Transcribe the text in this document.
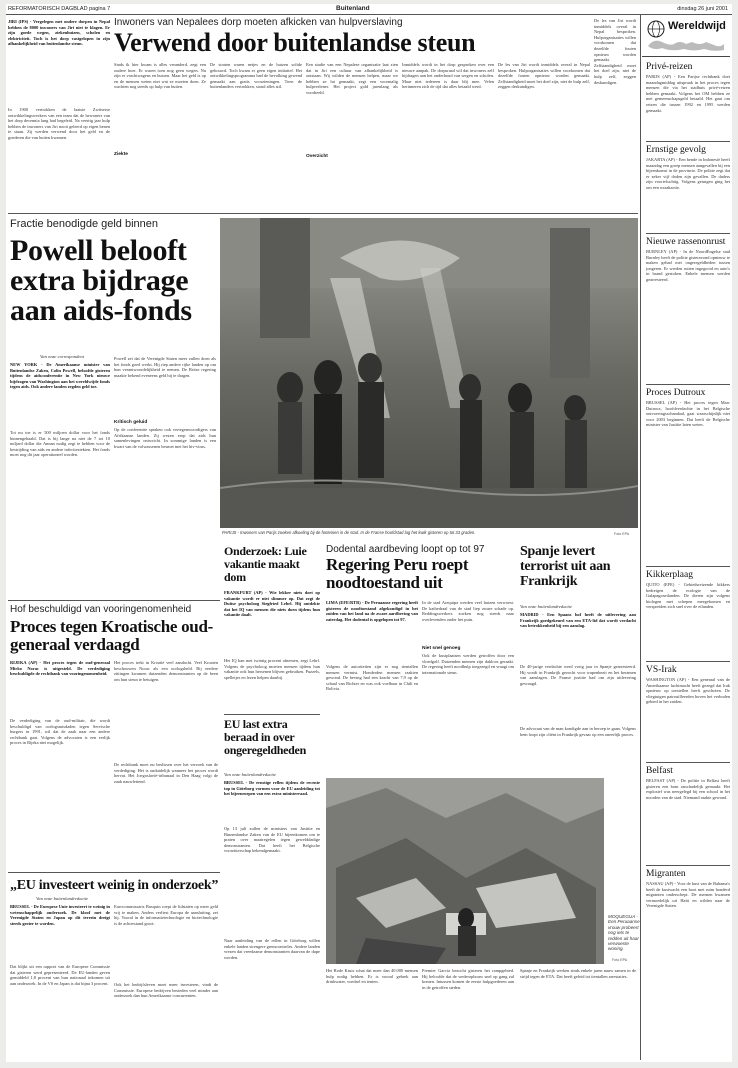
REFORMATORISCH DAGBLAD pagina 7	Buitenland	dinsdag 26 juni 2001
JIRI (IPS) - Vergelegen met ondere dorpen in Nepal hebben de 8000 inwoners van Jiri niet te klagen. Er zijn goede wegen, ziekenhuizen, scholen en elektriciteit. Toch is het dorp vastgelopen in zijn afhankelijkheid van buitenlandse steun.
In 1900 vertrokken de laatste Zwitserse ontwikkelingswerkers van een team dat de bewoners van het dorp decennia lang had begeleid. Na veertig jaar hulp hebben de inwoners van Jiri nooit geleerd op eigen benen te staan. Zij werden verwend door het geld en de goederen die van buiten kwamen.
Inwoners van Nepalees dorp moeten afkicken van hulpverslaving
Verwend door buitenlandse steun
Sinds ik hier kwam is alles veranderd, zegt een oudere boer. Er waren toen nog geen wegen. Nu zijn er vrachtwagens en bussen. Maar het geld is op en de mensen weten niet wat ze moeten doen. Ze wachten nog steeds op hulp van buiten.
De straten waren netjes en de huizen solide gebouwd. Toch kwam er geen eigen initiatief. Het ontwikkelingsprogramma had de bevolking gewend gemaakt aan gratis voorzieningen. Toen de buitenlanders vertrokken, stond alles stil.
Een studie van een Nepalese organisatie laat zien dat in Jiri een cultuur van afhankelijkheid is ontstaan. Wij wilden de mensen helpen, maar we hebben ze lui gemaakt, zegt een voormalig hulpverlener. Het project gold jarenlang als voorbeeld.
Inmiddels wordt in het dorp gesproken over een nieuwe aanpak. De dorpsraad wil dat inwoners zelf bijdragen aan het onderhoud van wegen en scholen. Maar niet iedereen is daar blij mee. Velen herinneren zich de tijd dat alles betaald werd.
De les van Jiri wordt inmiddels overal in Nepal besproken. Hulporganisaties willen voorkomen dat dezelfde fouten opnieuw worden gemaakt. Zelfstandigheid moet het doel zijn, niet de hulp zelf, zeggen deskundigen.
Ziekte	Overzicht
De les van Jiri wordt inmiddels overal in Nepal besproken. Hulporganisaties willen voorkomen dat dezelfde fouten opnieuw worden gemaakt. Zelfstandigheid moet het doel zijn, niet de hulp zelf, zeggen deskundigen.
Wereldwijd
Privé-reizen
PARIJS (AP) - Een Parijse rechtbank doet maandagmiddag uitspraak in het proces tegen mensen die via het stadhuis privé-reizen hebben gemaakt. Volgens het OM hebben ze met gemeenschapsgeld betaald. Het gaat om reizen die tussen 1992 en 1995 werden gemaakt.
Ernstige gevolg
JAKARTA (AP) - Een bende in Indonesië heeft maandag een groep mensen aangevallen bij een bijeenkomst in de provincie. De politie zegt dat er zeker vijf doden zijn gevallen. De daders zijn voortvluchtig. Volgens getuigen ging het om een wraakactie.
Nieuwe rassenonrust
BURNLEY (AP) - In de NoordEngelse stad Burnley heeft de politie gisteravond opnieuw te maken gehad met ongeregeldheden tussen jongeren. Er werden ruiten ingegooid en auto's in brand gestoken. Enkele mensen werden gearresteerd.
Proces Dutroux
BRUSSEL (AP) - Het proces tegen Marc Dutroux, hoofdverdachte in het Belgische ontvoeringsschandaal, gaat waarschijnlijk niet voor 2003 beginnen. Dat heeft de Belgische minister van Justitie laten weten.
Kikkerplaag
QUITO (EFE) - Gebiedsreizende kikkers bedreigen de ecologie van de Galapagoseilanden. De dieren zijn volgens biologen met schepen meegekomen en verspreiden zich snel over de eilanden.
VS-Irak
WASHINGTON (AP) - Een generaal van de Amerikaanse luchtmacht heeft gezegd dat Irak opnieuw op toestellen heeft geschoten. De vliegtuigen patrouilleerden boven het verboden gebied in het zuiden.
Belfast
BELFAST (AP) - De politie in Belfast heeft gisteren een bom onschadelijk gemaakt. Het explosief was neergelegd bij een school in het noorden van de stad. Niemand raakte gewond.
Migranten
NASSAU (AP) - Voor de kust van de Bahama's heeft de kustwacht een boot met ruim honderd migranten onderschept. De mensen kwamen vermoedelijk uit Haïti en wilden naar de Verenigde Staten.
Fractie benodigde geld binnen
Powell belooft extra bijdrage aan aids-fonds
Van onze correspondent
NEW YORK - De Amerikaanse minister van Buitenlandse Zaken, Colin Powell, beloofde gisteren tijdens de aidsconferentie in New York nieuwe bijdragen van Washington aan het wereldwijde fonds tegen aids. Ook andere landen zegden geld toe.
Tot nu toe is er 500 miljoen dollar voor het fonds binnengehaald. Dat is bij lange na niet de 7 tot 10 miljard dollar die Annan nodig zegt te hebben voor de bestrijding van aids en andere infectieziekten. Het fonds moet nog dit jaar operationeel worden.
Powell zei dat de Verenigde Staten meer zullen doen als het fonds goed werkt. Hij riep andere rijke landen op om hun verantwoordelijkheid te nemen. De Britse regering maakte bekend eveneens geld bij te dragen.
Kritisch geluid
Op de conferentie spraken ook vertegenwoordigers van Afrikaanse landen. Zij wezen erop dat aids hun samenlevingen ontwricht. In sommige landen is een kwart van de volwassenen besmet met het hiv-virus.
PARIJS - Inwoners van Parijs zoeken afkoeling bij de fonteinen in de stad. In de Franse hoofdstad lag het kwik gisteren op tot 33 graden.	Foto EPA
Onderzoek: Luie vakantie maakt dom
FRANKFURT (AP) - Wie lekker niets doet op vakantie wordt er niet slimmer op. Dat zegt de Duitse psycholoog Siegfried Lehrl. Hij ontdekte dat het IQ van mensen die niets doen tijdens hun vakantie daalt.
Het IQ kan met twintig procent afnemen, zegt Lehrl. Volgens de psycholoog moeten mensen tijdens hun vakantie ook hun hersenen blijven gebruiken. Puzzels, spelletjes en lezen helpen daarbij.
EU last extra beraad in over ongeregeldheden
Van onze buitenlandredactie
BRUSSEL - De ernstige rellen tijdens de recente top in Göteborg vormen voor de EU aanleiding tot het bijeenroepen van een extra ministerraad.
Op 13 juli zullen de ministers van Justitie en Binnenlandse Zaken van de EU bijeenkomen om te praten over maatregelen tegen gewelddadige demonstranten. Dat heeft het Belgische voorzitterschap bekendgemaakt.
Naar aanleiding van de rellen in Göteborg willen enkele landen strengere grenscontroles. Andere landen vrezen dat vreedzame demonstranten daarvan de dupe worden.
Dodental aardbeving loopt op tot 97
Regering Peru roept noodtoestand uit
LIMA (EFE/RTR) - De Peruaanse regering heeft gisteren de noodtoestand afgekondigd in het zuiden van het land na de zware aardbeving van zaterdag. Het dodental is opgelopen tot 97.
Volgens de autoriteiten zijn er nog tientallen mensen vermist. Honderden mensen raakten gewond. De beving had een kracht van 7,9 op de schaal van Richter en was ook voelbaar in Chili en Bolivia.
In de stad Arequipa werden veel huizen verwoest. De kathedraal van de stad liep zware schade op. Reddingswerkers zoeken nog steeds naar overlevenden onder het puin.
Niet snel genoeg
Ook de kustplaatsen werden getroffen door een vloedgolf. Duizenden mensen zijn dakloos geraakt. De regering heeft noodhulp toegezegd en vraagt om internationale steun.
MOQUEGUA - Een Peruaanse vrouw probeert nog iets te redden uit haar verwoeste woning.
Foto EPA
Spanje levert terrorist uit aan Frankrijk
Van onze buitenlandredactie
MADRID - Een Spaans hof heeft de uitlevering aan Frankrijk goedgekeurd van een ETA-lid dat wordt verdacht van betrokkenheid bij een aanslag.
De 40-jarige verdachte werd vorig jaar in Spanje gearresteerd. Hij wordt in Frankrijk gezocht voor wapenbezit en het beramen van aanslagen. De Franse justitie had om zijn uitlevering gevraagd.
De advocaat van de man kondigde aan in beroep te gaan. Volgens hem loopt zijn cliënt in Frankrijk gevaar op een oneerlijk proces.
Hof beschuldigd van vooringenomenheid
Proces tegen Kroatische oud-generaal verdaagd
RIJEKA (AP) - Het proces tegen de oud-generaal Mirko Norac is uitgesteld. De verdediging beschuldigde de rechtbank van vooringenomenheid.
De verdediging van de oud-militair, die wordt beschuldigd van oorlogsmisdaden tegen Servische burgers in 1991, wil dat de zaak naar een andere rechtbank gaat. Volgens de advocaten is een eerlijk proces in Rijeka niet mogelijk.
Het proces trekt in Kroatië veel aandacht. Veel Kroaten beschouwen Norac als een oorlogsheld. Bij eerdere zittingen kwamen duizenden demonstranten op de been om hun steun te betuigen.
De rechtbank moet nu beslissen over het verzoek van de verdediging. Het is onduidelijk wanneer het proces wordt hervat. Het Joegoslavië-tribunaal in Den Haag volgt de zaak nauwlettend.
„EU investeert weinig in onderzoek”
Van onze buitenlandredactie
BRUSSEL - De Europese Unie investeert te weinig in wetenschappelijk onderzoek. De kloof met de Verenigde Staten en Japan op dit terrein dreigt steeds groter te worden.
Dat blijkt uit een rapport van de Europese Commissie dat gisteren werd gepresenteerd. De EU-landen geven gemiddeld 1,8 procent van hun nationaal inkomen uit aan onderzoek. In de VS en Japan is dat bijna 3 procent.
Eurocommissaris Busquin roept de lidstaten op meer geld vrij te maken. Anders verliest Europa de aansluiting, zei hij. Vooral in de informatietechnologie en biotechnologie is de achterstand groot.
Ook het bedrijfsleven moet meer investeren, vindt de Commissie. Europese bedrijven besteden veel minder aan onderzoek dan hun Amerikaanse concurrenten.
Premier Garcia bezocht gisteren het rampgebied. Hij beloofde dat de wederopbouw snel op gang zal komen. Intussen komen de eerste hulpgoederen aan in de getroffen steden.
Het Rode Kruis schat dat meer dan 40.000 mensen hulp nodig hebben. Er is vooral gebrek aan drinkwater, voedsel en tenten.
Spanje en Frankrijk werken sinds enkele jaren nauw samen in de strijd tegen de ETA. Dat heeft geleid tot tientallen arrestaties.
